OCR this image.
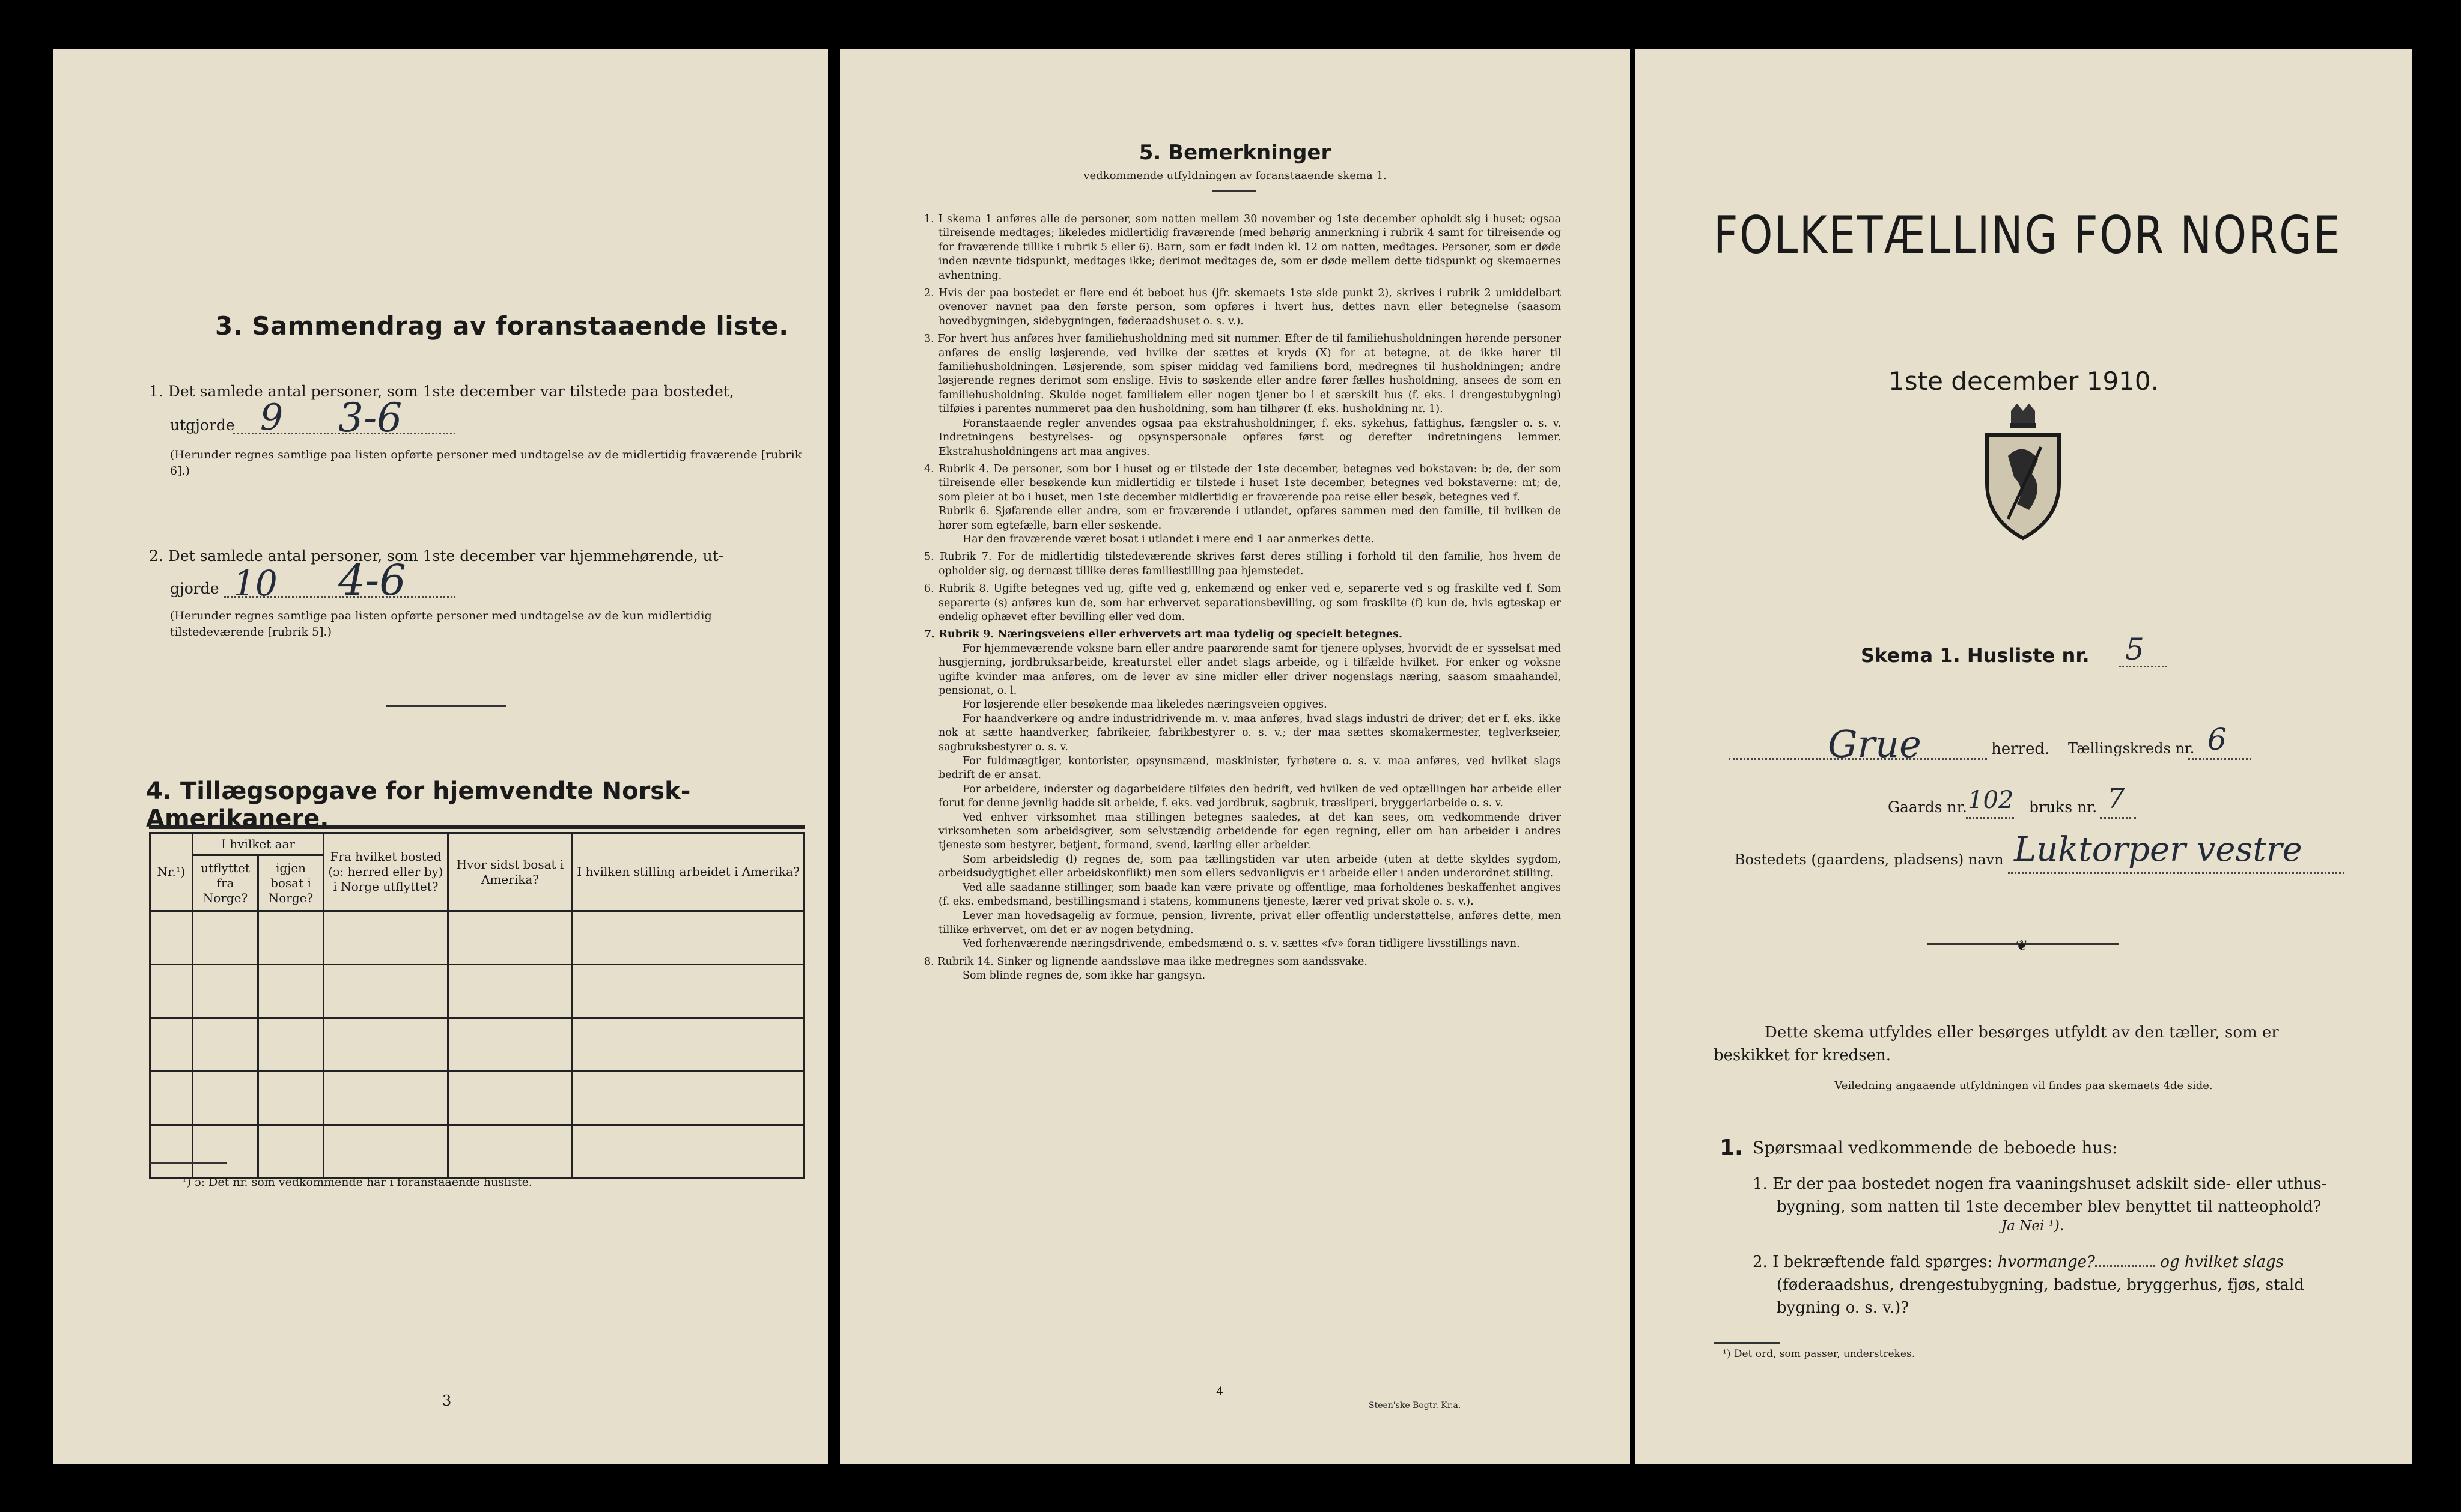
3. Sammendrag av foranstaaende liste.
1. Det samlede antal personer, som 1ste december var tilstede paa bostedet,
utgjorde 9 3-6
(Herunder regnes samtlige paa listen opførte personer med undtagelse av de midlertidig fraværende [rubrik 6].)
2. Det samlede antal personer, som 1ste december var hjemmehørende, ut-
gjorde 10 4-6
(Herunder regnes samtlige paa listen opførte personer med undtagelse av de kun midlertidig tilstedeværende [rubrik 5].)
4. Tillægsopgave for hjemvendte Norsk-Amerikanere.
Nr.¹)	I hvilket aar		Fra hvilket bosted (ɔ: herred eller by) i Norge utflyttet?	Hvor sidst bosat i Amerika?	I hvilken stilling arbeidet i Amerika?
	utflyttet fra Norge?	igjen bosat i Norge?			

¹) ɔ: Det nr. som vedkommende har i foranstaaende husliste.
3
5. Bemerkninger
vedkommende utfyldningen av foranstaaende skema 1.
1. I skema 1 anføres alle de personer, som natten mellem 30 november og 1ste december opholdt sig i huset; ogsaa tilreisende medtages; likeledes midlertidig fraværende (med behørig anmerkning i rubrik 4 samt for tilreisende og for fraværende tillike i rubrik 5 eller 6). Barn, som er født inden kl. 12 om natten, medtages. Personer, som er døde inden nævnte tidspunkt, medtages ikke; derimot medtages de, som er døde mellem dette tidspunkt og skemaernes avhentning.
2. Hvis der paa bostedet er flere end ét beboet hus (jfr. skemaets 1ste side punkt 2), skrives i rubrik 2 umiddelbart ovenover navnet paa den første person, som opføres i hvert hus, dettes navn eller betegnelse (saasom hovedbygningen, sidebygningen, føderaadshuset o. s. v.).
3. For hvert hus anføres hver familiehusholdning med sit nummer. Efter de til familiehusholdningen hørende personer anføres de enslig løsjerende, ved hvilke der sættes et kryds (X) for at betegne, at de ikke hører til familiehusholdningen. Løsjerende, som spiser middag ved familiens bord, medregnes til husholdningen; andre løsjerende regnes derimot som enslige. Hvis to søskende eller andre fører fælles husholdning, ansees de som en familiehusholdning. Skulde noget familielem eller nogen tjener bo i et særskilt hus (f. eks. i drengestubygning) tilføies i parentes nummeret paa den husholdning, som han tilhører (f. eks. husholdning nr. 1).
Foranstaaende regler anvendes ogsaa paa ekstrahusholdninger, f. eks. sykehus, fattighus, fængsler o. s. v. Indretningens bestyrelses- og opsynspersonale opføres først og derefter indretningens lemmer. Ekstrahusholdningens art maa angives.
4. Rubrik 4. De personer, som bor i huset og er tilstede der 1ste december, betegnes ved bokstaven: b; de, der som tilreisende eller besøkende kun midlertidig er tilstede i huset 1ste december, betegnes ved bokstaverne: mt; de, som pleier at bo i huset, men 1ste december midlertidig er fraværende paa reise eller besøk, betegnes ved f.
Rubrik 6. Sjøfarende eller andre, som er fraværende i utlandet, opføres sammen med den familie, til hvilken de hører som egtefælle, barn eller søskende.
Har den fraværende været bosat i utlandet i mere end 1 aar anmerkes dette.
5. Rubrik 7. For de midlertidig tilstedeværende skrives først deres stilling i forhold til den familie, hos hvem de opholder sig, og dernæst tillike deres familiestilling paa hjemstedet.
6. Rubrik 8. Ugifte betegnes ved ug, gifte ved g, enkemænd og enker ved e, separerte ved s og fraskilte ved f. Som separerte (s) anføres kun de, som har erhvervet separationsbevilling, og som fraskilte (f) kun de, hvis egteskap er endelig ophævet efter bevilling eller ved dom.
7. Rubrik 9. Næringsveiens eller erhvervets art maa tydelig og specielt betegnes.
For hjemmeværende voksne barn eller andre paarørende samt for tjenere oplyses, hvorvidt de er sysselsat med husgjerning, jordbruksarbeide, kreaturstel eller andet slags arbeide, og i tilfælde hvilket. For enker og voksne ugifte kvinder maa anføres, om de lever av sine midler eller driver nogenslags næring, saasom smaahandel, pensionat, o. l.
For løsjerende eller besøkende maa likeledes næringsveien opgives.
For haandverkere og andre industridrivende m. v. maa anføres, hvad slags industri de driver; det er f. eks. ikke nok at sætte haandverker, fabrikeier, fabrikbestyrer o. s. v.; der maa sættes skomakermester, teglverkseier, sagbruksbestyrer o. s. v.
For fuldmægtiger, kontorister, opsynsmænd, maskinister, fyrbøtere o. s. v. maa anføres, ved hvilket slags bedrift de er ansat.
For arbeidere, inderster og dagarbeidere tilføies den bedrift, ved hvilken de ved optællingen har arbeide eller forut for denne jevnlig hadde sit arbeide, f. eks. ved jordbruk, sagbruk, træsliperi, bryggeriarbeide o. s. v.
Ved enhver virksomhet maa stillingen betegnes saaledes, at det kan sees, om vedkommende driver virksomheten som arbeidsgiver, som selvstændig arbeidende for egen regning, eller om han arbeider i andres tjeneste som bestyrer, betjent, formand, svend, lærling eller arbeider.
Som arbeidsledig (l) regnes de, som paa tællingstiden var uten arbeide (uten at dette skyldes sygdom, arbeidsudygtighet eller arbeidskonflikt) men som ellers sedvanligvis er i arbeide eller i anden underordnet stilling.
Ved alle saadanne stillinger, som baade kan være private og offentlige, maa forholdenes beskaffenhet angives (f. eks. embedsmand, bestillingsmand i statens, kommunens tjeneste, lærer ved privat skole o. s. v.).
Lever man hovedsagelig av formue, pension, livrente, privat eller offentlig understøttelse, anføres dette, men tillike erhvervet, om det er av nogen betydning.
Ved forhenværende næringsdrivende, embedsmænd o. s. v. sættes «fv» foran tidligere livsstillings navn.
8. Rubrik 14. Sinker og lignende aandssløve maa ikke medregnes som aandssvake.
Som blinde regnes de, som ikke har gangsyn.
4
Steen'ske Bogtr. Kr.a.
FOLKETÆLLING FOR NORGE
1ste december 1910.
Skema 1. Husliste nr. 5
Grue	herred. Tællingskreds nr. 6
Gaards nr. 102 bruks nr. 7
Bostedets (gaardens, pladsens) navn Luktorper vestre
❦
Dette skema utfyldes eller besørges utfyldt av den tæller, som er beskikket for kredsen.
Veiledning angaaende utfyldningen vil findes paa skemaets 4de side.
1. Spørsmaal vedkommende de beboede hus:
1. Er der paa bostedet nogen fra vaaningshuset adskilt side- eller uthus-bygning, som natten til 1ste december blev benyttet til natteophold?
Ja Nei ¹).
2. I bekræftende fald spørges: hvormange?	og hvilket slags
(føderaadshus, drengestubygning, badstue, bryggerhus, fjøs, stald bygning o. s. v.)?
¹) Det ord, som passer, understrekes.
